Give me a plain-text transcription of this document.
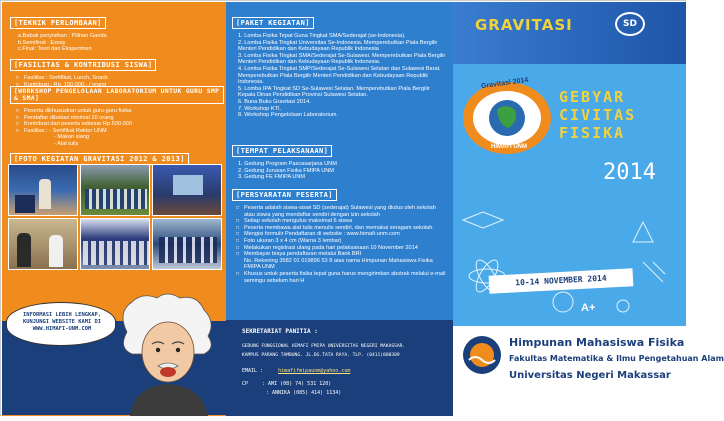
[TEKNIK PERLOMBAAN]
a.Babak penyisihan : Pilihan Ganda
b.Semifinal : Essay
c.Final: Teori dan Eksperimen
[FASILITAS & KONTRIBUSI SISWA]
□ Fasilitas : Sertifikat, Lunch, Snack
□ Kontribusi : Rp. 100.000,- / orang
[WORKSHOP PENGELOLAAN LABORATORIUM UNTUK GURU SMP & SMA]
□ Peserta dikhususkan untuk guru-guru fisika
□ Pendaftar dibatasi minimal 20 orang
□ Kontribusi dari peserta sebesar Rp.500.000
□ Fasilitas : - Sertifikat Rektor UNM
- Makan siang
- Alat tulis
[FOTO KEGIATAN GRAVITASI 2012 & 2013]
INFORMASI LEBIH LENGKAP,
KUNJUNGI WEBSITE KAMI DI
WWW.HIMAFI-UNM.COM
[PAKET KEGIATAN]
1. Lomba Fisika Tepat Guna Tingkat SMA/Sederajat (se-Indonesia).
2. Lomba Fisika Tingkat Universitas Se-Indonesia. Memperebutkan Piala Bergilir Menteri Pendidikan dan Kebudayaan Republik Indonesia
3. Lomba Fisika Tingkat SMA/Sederajat Se-Sulawesi. Memperebutkan Piala Bergilir Menteri Pendidikan dan Kebudayaan Republik Indonesia.
4. Lomba Fisika Tingkat SMP/Sederajat Se-Sulawesi Selatan dan Sulawesi Barat. Memperebutkan Piala Bergilir Menteri Pendidikan dan Kebudayaan Republik Indonesia.
5. Lomba IPA Tingkat SD Se-Sulawesi Selatan. Memperebutkan Piala Bergilir Kepala Dinas Pendidikan Provinsi Sulawesi Selatan.
6. Buna Buku Gravitasi 2014.
7. Workshop KTI.
8. Workshop Pengelolaan Laboratorium.
[TEMPAT PELAKSANAAN]
1. Gedung Program Pascasarjana UNM
2. Gedung Jurusan Fisika FMIPA UNM
3. Gedung FE FMIPA UNM
[PERSYARATAN PESERTA]
□ Peserta adalah siswa-siswi SD (sederajat) Sulawesi yang diutus oleh sekolah atau siswa yang mendaftar sendiri dengan izin sekolah
□ Setiap sekolah mengutus maksimal 6 siswa
□ Peserta membawa alat tulis menulis sendiri, dan memakai seragam sekolah.
□ Mengisi formulir Pendaftaran di website : www.himafi-unm.com
□ Foto ukuran 3 x 4 cm (Warna 3 lembar)
□ Melakukan registrasi ulang pada hari pelaksanaan 10 November 2014
□ Membayar biaya pendaftaran melalui Bank BRI
No. Rekening 3582 01 019896 53 8 atas nama Himpunan Mahasiswa Fisika FMIPA UNM
□ Khusus untuk peserta fisika tepat guna harus mengirimkan abstrak melalui e-mail semingu sebelum hari H
SEKRETARIAT PANITIA :
GEDUNG FUNGSIONAL HIMAFI FMIPA UNIVERSITAS NEGERI MAKASSAR.
KAMPUS PARANG TAMBUNG. JL.DG.TATA RAYA. TLP. (0411)880389
EMAIL :	himafifmipaunm@yahoo.com
CP	: AMI (08) 74) 531 120)
: ANNIKA (085) 414) 1134)
GRAVITASI	SD
Gravitasi 2014
HIMAFI UNM
GEBYAR
CIVITAS
FISIKA
2014
10-14 NOVEMBER 2014
A+
Himpunan Mahasiswa Fisika
Fakultas Matematika & Ilmu Pengetahuan Alam
Universitas Negeri Makassar
